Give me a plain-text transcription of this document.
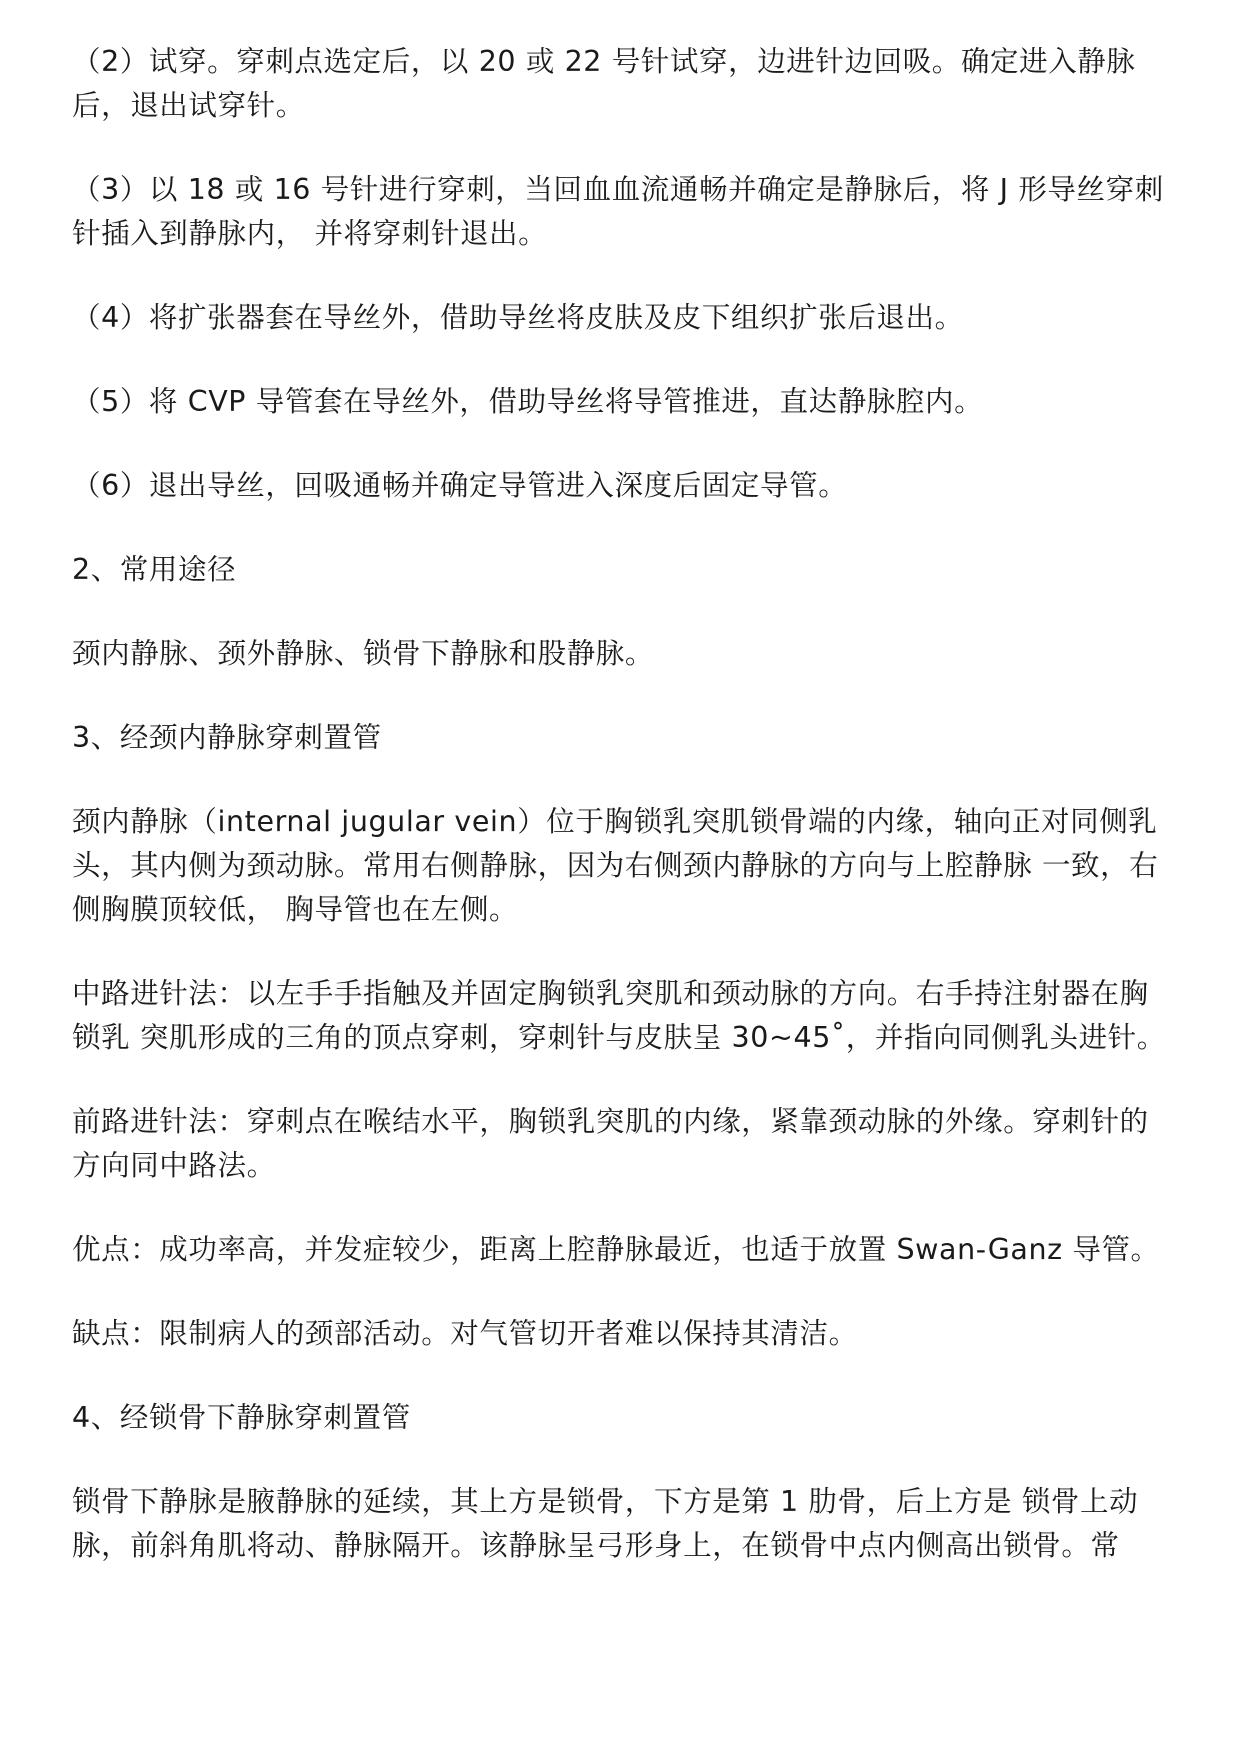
（2）试穿。穿刺点选定后，以 20 或 22 号针试穿，边进针边回吸。确定进入静脉后，退出试穿针。

（3）以 18 或 16 号针进行穿刺，当回血血流通畅并确定是静脉后，将 J 形导丝穿刺针插入到静脉内， 并将穿刺针退出。

（4）将扩张器套在导丝外，借助导丝将皮肤及皮下组织扩张后退出。

（5）将 CVP 导管套在导丝外，借助导丝将导管推进，直达静脉腔内。

（6）退出导丝，回吸通畅并确定导管进入深度后固定导管。

2、常用途径

颈内静脉、颈外静脉、锁骨下静脉和股静脉。

3、经颈内静脉穿刺置管

颈内静脉（internal jugular vein）位于胸锁乳突肌锁骨端的内缘，轴向正对同侧乳头，其内侧为颈动脉。常用右侧静脉，因为右侧颈内静脉的方向与上腔静脉 一致，右侧胸膜顶较低， 胸导管也在左侧。

中路进针法：以左手手指触及并固定胸锁乳突肌和颈动脉的方向。右手持注射器在胸锁乳 突肌形成的三角的顶点穿刺，穿刺针与皮肤呈 30~45˚，并指向同侧乳头进针。

前路进针法：穿刺点在喉结水平，胸锁乳突肌的内缘，紧靠颈动脉的外缘。穿刺针的方向同中路法。

优点：成功率高，并发症较少，距离上腔静脉最近，也适于放置 Swan-Ganz 导管。

缺点：限制病人的颈部活动。对气管切开者难以保持其清洁。

4、经锁骨下静脉穿刺置管

锁骨下静脉是腋静脉的延续，其上方是锁骨，下方是第 1 肋骨，后上方是 锁骨上动脉，前斜角肌将动、静脉隔开。该静脉呈弓形身上，在锁骨中点内侧高出锁骨。常
